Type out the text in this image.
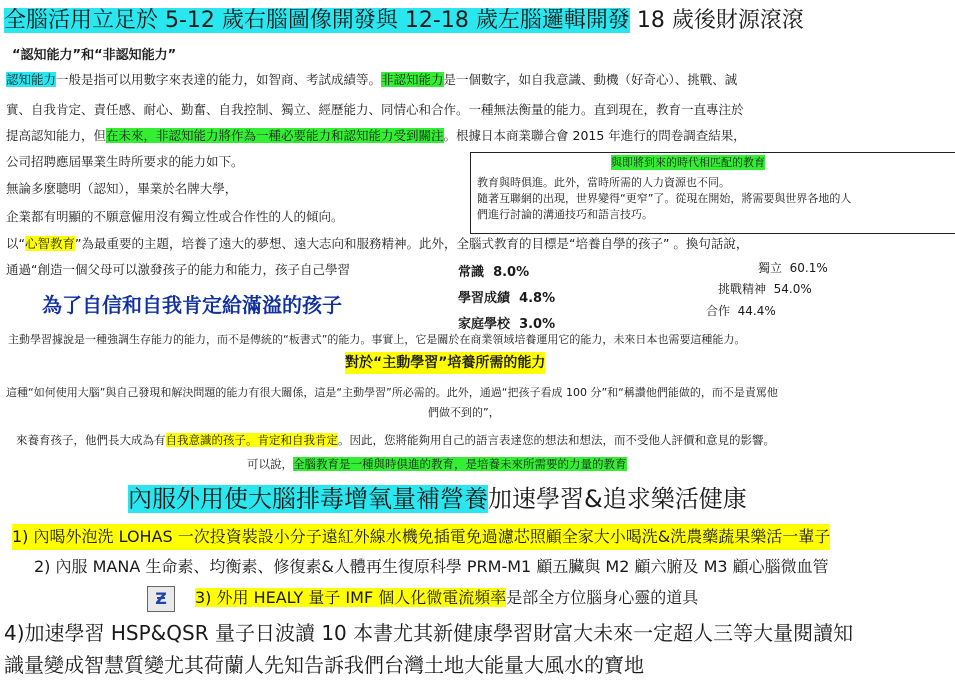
全腦活用立足於 5-12 歲右腦圖像開發與 12-18 歲左腦邏輯開發 18 歲後財源滾滾
“認知能力”和“非認知能力”
認知能力一般是指可以用數字來表達的能力，如智商、考試成績等。非認知能力是一個數字，如自我意識、動機（好奇心）、挑戰、誠
實、自我肯定、責任感、耐心、勤奮、自我控制、獨立、經歷能力、同情心和合作。一種無法衡量的能力。直到現在，教育一直專注於
提高認知能力，但在未來，非認知能力將作為一種必要能力和認知能力受到關注。根據日本商業聯合會 2015 年進行的問卷調查結果，
公司招聘應屆畢業生時所要求的能力如下。
無論多麼聰明（認知），畢業於名牌大學，
企業都有明顯的不願意僱用沒有獨立性或合作性的人的傾向。
與即將到來的時代相匹配的教育
教育與時俱進。此外，當時所需的人力資源也不同。
隨著互聯網的出現，世界變得“更窄”了。從現在開始，將需要與世界各地的人
們進行討論的溝通技巧和語言技巧。
以“心智教育”為最重要的主題，培養了遠大的夢想、遠大志向和服務精神。此外，全腦式教育的目標是“培養自學的孩子” 。換句話說，
通過“創造一個父母可以激發孩子的能力和能力，孩子自己學習	常識 8.0%
學習成績 4.8%
家庭學校 3.0%
獨立 60.1%
挑戰精神 54.0%
合作 44.4%
為了自信和自我肯定給滿溢的孩子
主動學習據說是一種強調生存能力的能力，而不是傳統的“板書式”的能力。事實上，它是關於在商業領域培養運用它的能力，未來日本也需要這種能力。
對於“主動學習”培養所需的能力
這種“如何使用大腦”與自己發現和解決問題的能力有很大關係，這是“主動學習”所必需的。此外，通過“把孩子看成 100 分”和“稱讚他們能做的，而不是責罵他
們做不到的”，
來養育孩子，他們長大成為有自我意識的孩子。肯定和自我肯定。因此，您將能夠用自己的語言表達您的想法和想法，而不受他人評價和意見的影響。
可以說，全腦教育是一種與時俱進的教育，是培養未來所需要的力量的教育
內服外用使大腦排毒增氧量補營養加速學習&追求樂活健康
1) 內喝外泡洗 LOHAS 一次投資裝設小分子遠紅外線水機免插電免過濾芯照顧全家大小喝洗&洗農藥蔬果樂活一輩子
2) 內服 MANA 生命素、均衡素、修復素&人體再生復原科學 PRM-M1 顧五臟與 M2 顧六腑及 M3 顧心腦微血管
Ƶ	3) 外用 HEALY 量子 IMF 個人化微電流頻率是部全方位腦身心靈的道具
4)加速學習 HSP&QSR 量子日波讀 10 本書尤其新健康學習財富大未來一定超人三等大量閱讀知
識量變成智慧質變尤其荷蘭人先知告訴我們台灣土地大能量大風水的寶地
